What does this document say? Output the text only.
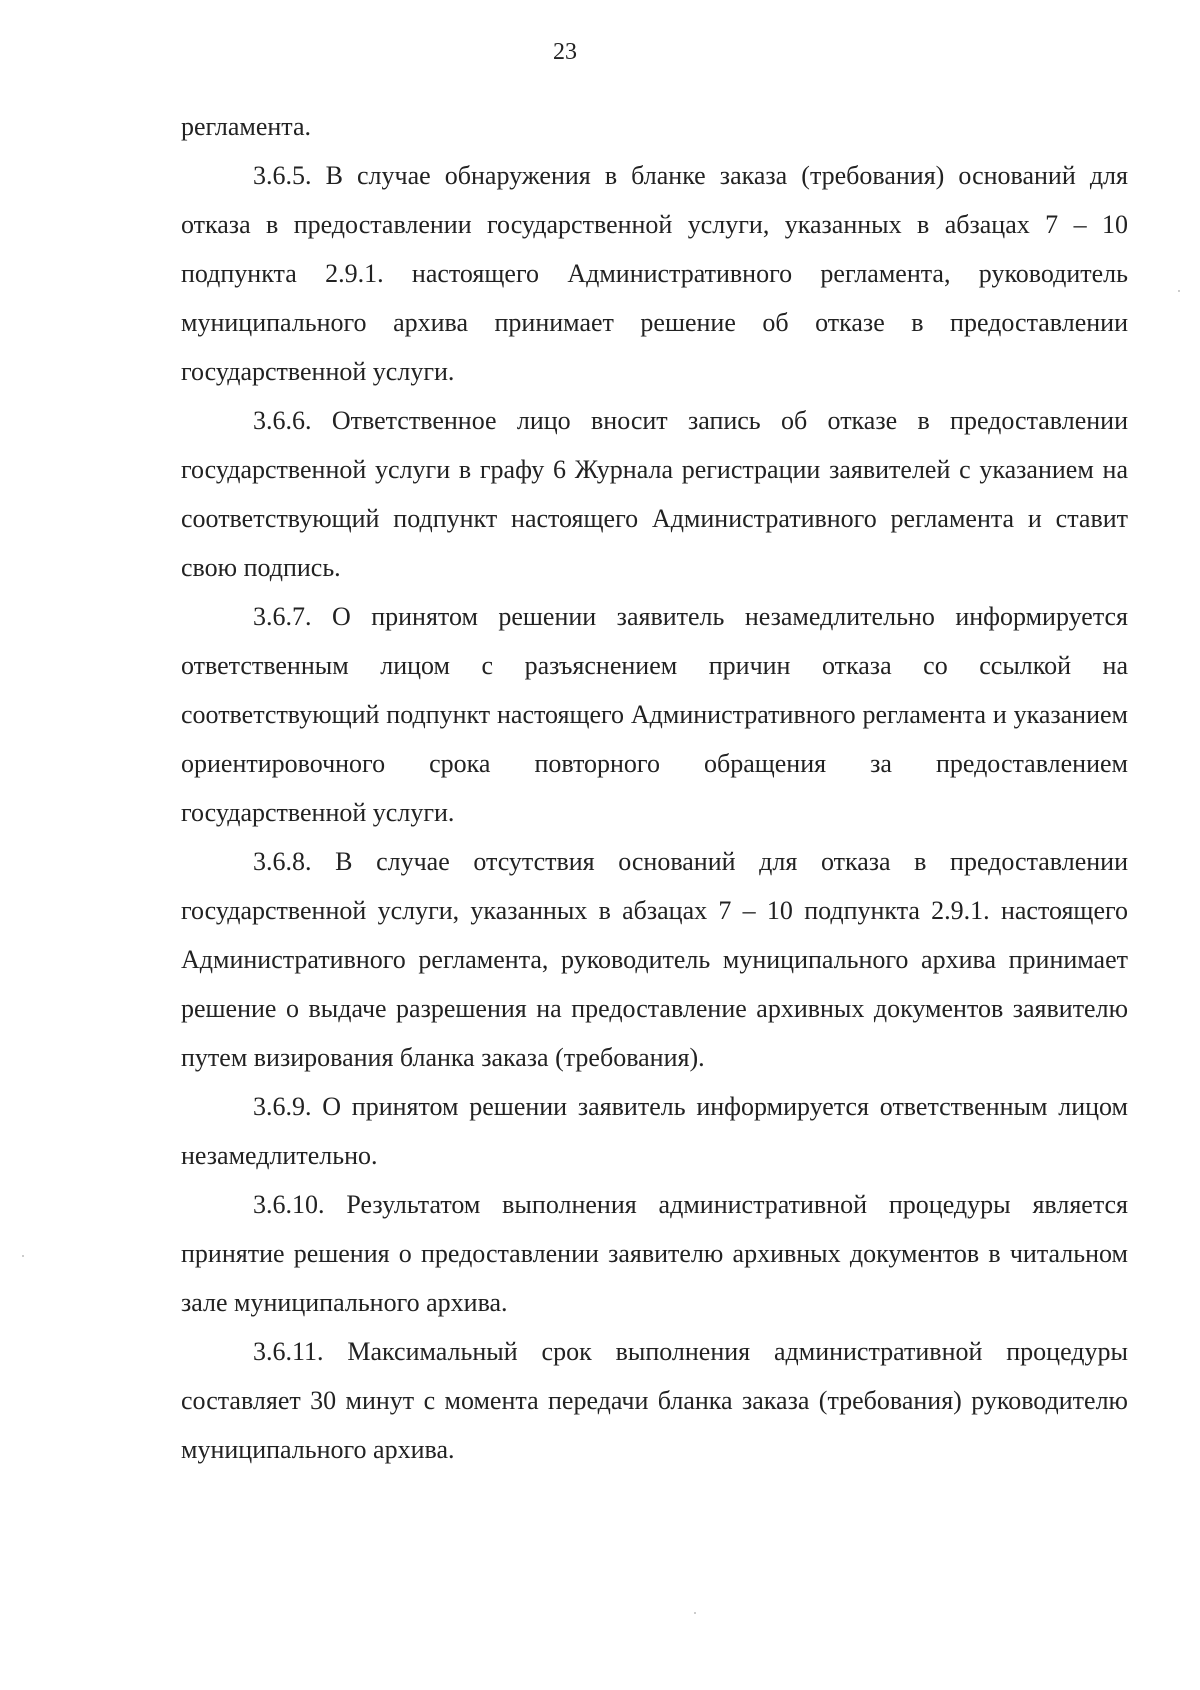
23

регламента.

3.6.5. В случае обнаружения в бланке заказа (требования) оснований для отказа в предоставлении государственной услуги, указанных в абзацах 7 – 10 подпункта 2.9.1. настоящего Административного регламента, руководитель муниципального архива принимает решение об отказе в предоставлении государственной услуги.

3.6.6. Ответственное лицо вносит запись об отказе в предоставлении государственной услуги в графу 6 Журнала регистрации заявителей с указанием на соответствующий подпункт настоящего Административного регламента и ставит свою подпись.

3.6.7. О принятом решении заявитель незамедлительно информируется ответственным лицом с разъяснением причин отказа со ссылкой на соответствующий подпункт настоящего Административного регламента и указанием ориентировочного срока повторного обращения за предоставлением государственной услуги.

3.6.8. В случае отсутствия оснований для отказа в предоставлении государственной услуги, указанных в абзацах 7 – 10 подпункта 2.9.1. настоящего Административного регламента, руководитель муниципального архива принимает решение о выдаче разрешения на предоставление архивных документов заявителю путем визирования бланка заказа (требования).

3.6.9. О принятом решении заявитель информируется ответственным лицом незамедлительно.

3.6.10. Результатом выполнения административной процедуры является принятие решения о предоставлении заявителю архивных документов в читальном зале муниципального архива.

3.6.11. Максимальный срок выполнения административной процедуры составляет 30 минут с момента передачи бланка заказа (требования) руководителю муниципального архива.
